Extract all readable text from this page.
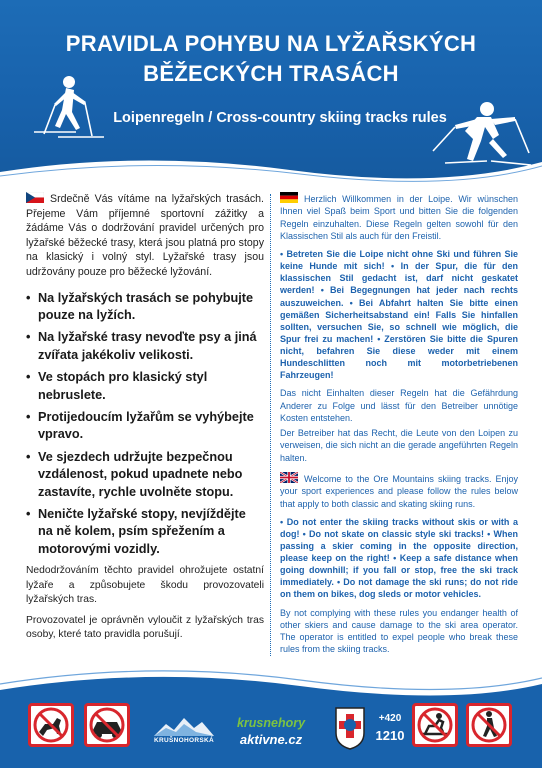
PRAVIDLA POHYBU NA LYŽAŘSKÝCH
BĚŽECKÝCH TRASÁCH
Loipenregeln / Cross-country skiing tracks rules

Srdečně Vás vítáme na lyžařských trasách. Přejeme Vám příjemné sportovní zážitky a žádáme Vás o dodržování pravidel určených pro lyžařské běžecké trasy, která jsou platná pro stopy na klasický i volný styl. Lyžařské trasy jsou udržovány pouze pro běžecké lyžování.

• Na lyžařských trasách se pohybujte pouze na lyžích.
• Na lyžařské trasy nevoďte psy a jiná zvířata jakékoliv velikosti.
• Ve stopách pro klasický styl nebruslete.
• Protijedoucím lyžařům se vyhýbejte vpravo.
• Ve sjezdech udržujte bezpečnou vzdálenost, pokud upadnete nebo zastavíte, rychle uvolněte stopu.
• Neničte lyžařské stopy, nevjíždějte na ně kolem, psím spřežením a motorovými vozidly.

Nedodržováním těchto pravidel ohrožujete ostatní lyžaře a způsobujete škodu provozovateli lyžařských tras.

Provozovatel je oprávněn vyloučit z lyžařských tras osoby, které tato pravidla porušují.

Herzlich Willkommen in der Loipe. Wir wünschen Ihnen viel Spaß beim Sport und bitten Sie die folgenden Regeln einzuhalten. Diese Regeln gelten sowohl für den Klassischen Stil als auch für den Freistil.

• Betreten Sie die Loipe nicht ohne Ski und führen Sie keine Hunde mit sich! • In der Spur, die für den klassischen Stil gedacht ist, darf nicht geskatet werden! • Bei Begegnungen hat jeder nach rechts auszuweichen. • Bei Abfahrt halten Sie bitte einen gemäßen Sicherheitsabstand ein! Falls Sie hinfallen sollten, versuchen Sie, so schnell wie möglich, die Spur frei zu machen! • Zerstören Sie bitte die Spuren nicht, befahren Sie diese weder mit einem Hundeschlitten noch mit motorbetriebenen Fahrzeugen!

Das nicht Einhalten dieser Regeln hat die Gefährdung Anderer zu Folge und lässt für den Betreiber unnötige Kosten entstehen.

Der Betreiber hat das Recht, die Leute von den Loipen zu verweisen, die sich nicht an die gerade angeführten Regeln halten.

Welcome to the Ore Mountains skiing tracks. Enjoy your sport experiences and please follow the rules below that apply to both classic and skating skiing runs.

• Do not enter the skiing tracks without skis or with a dog! • Do not skate on classic style ski tracks! • When passing a skier coming in the opposite direction, please keep on the right! • Keep a safe distance when going downhill; if you fall or stop, free the ski track immediately. • Do not damage the ski runs; do not ride on them on bikes, dog sleds or motor vehicles.

By not complying with these rules you endanger health of other skiers and cause damage to the ski area operator. The operator is entitled to expel people who break these rules from the skiing tracks.

KRUŠNOHORSKÁ
krusnehory
aktivne.cz
+420
1210
